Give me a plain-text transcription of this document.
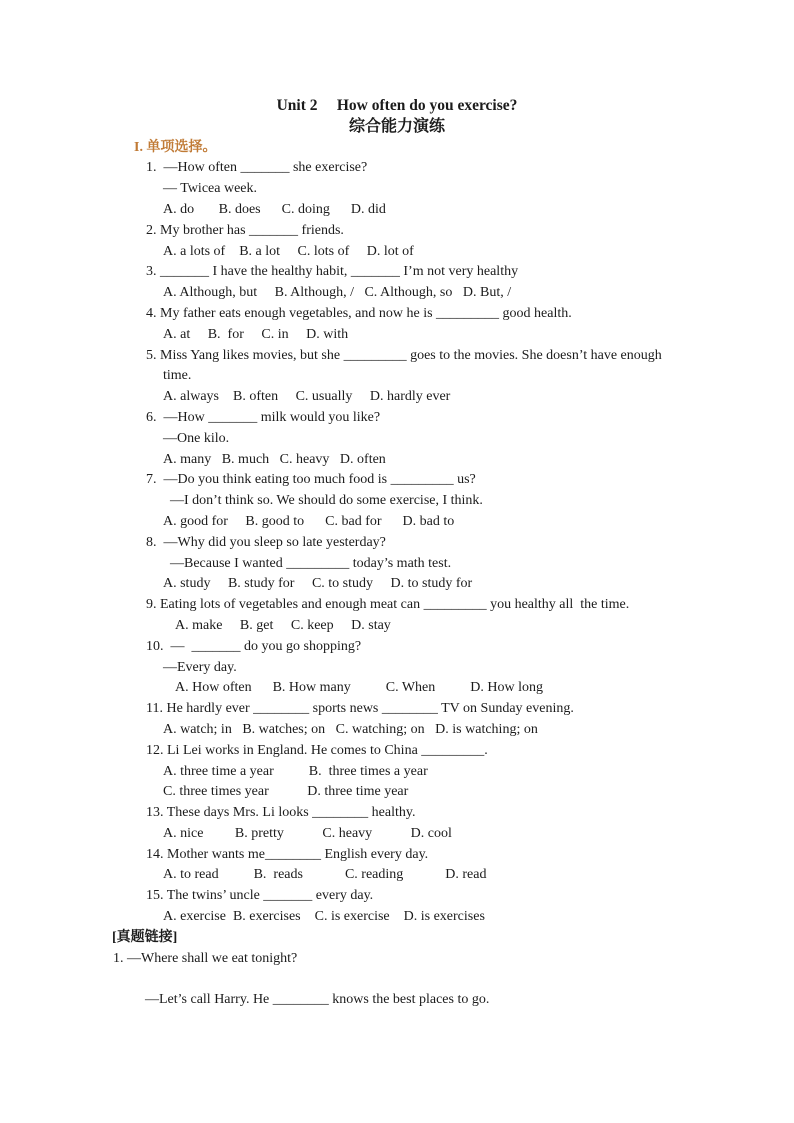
Unit 2     How often do you exercise?
综合能力演练
I. 单项选择。
1.  —How often _______ she exercise?
— Twicea week.
A. do       B. does      C. doing      D. did
2. My brother has _______ friends.
A. a lots of    B. a lot     C. lots of     D. lot of
3. _______ I have the healthy habit, _______ I’m not very healthy
A. Although, but     B. Although, /   C. Although, so   D. But, /
4. My father eats enough vegetables, and now he is _________ good health.
A. at     B.  for     C. in     D. with
5. Miss Yang likes movies, but she _________ goes to the movies. She doesn’t have enough
time.
A. always    B. often     C. usually     D. hardly ever
6.  —How _______ milk would you like?
—One kilo.
A. many   B. much   C. heavy   D. often
7.  —Do you think eating too much food is _________ us?
—I don’t think so. We should do some exercise, I think.
A. good for     B. good to      C. bad for      D. bad to
8.  —Why did you sleep so late yesterday?
—Because I wanted _________ today’s math test.
A. study     B. study for     C. to study     D. to study for
9. Eating lots of vegetables and enough meat can _________ you healthy all  the time.
A. make     B. get     C. keep     D. stay
10.  —  _______ do you go shopping?
—Every day.
A. How often      B. How many          C. When          D. How long
11. He hardly ever ________ sports news ________ TV on Sunday evening.
A. watch; in   B. watches; on   C. watching; on   D. is watching; on
12. Li Lei works in England. He comes to China _________.
A. three time a year          B.  three times a year
C. three times year           D. three time year
13. These days Mrs. Li looks ________ healthy.
A. nice         B. pretty           C. heavy           D. cool
14. Mother wants me________ English every day.
A. to read          B.  reads            C. reading            D. read
15. The twins’ uncle _______ every day.
A. exercise  B. exercises    C. is exercise    D. is exercises
[真题链接]
1. —Where shall we eat tonight?
—Let’s call Harry. He ________ knows the best places to go.
